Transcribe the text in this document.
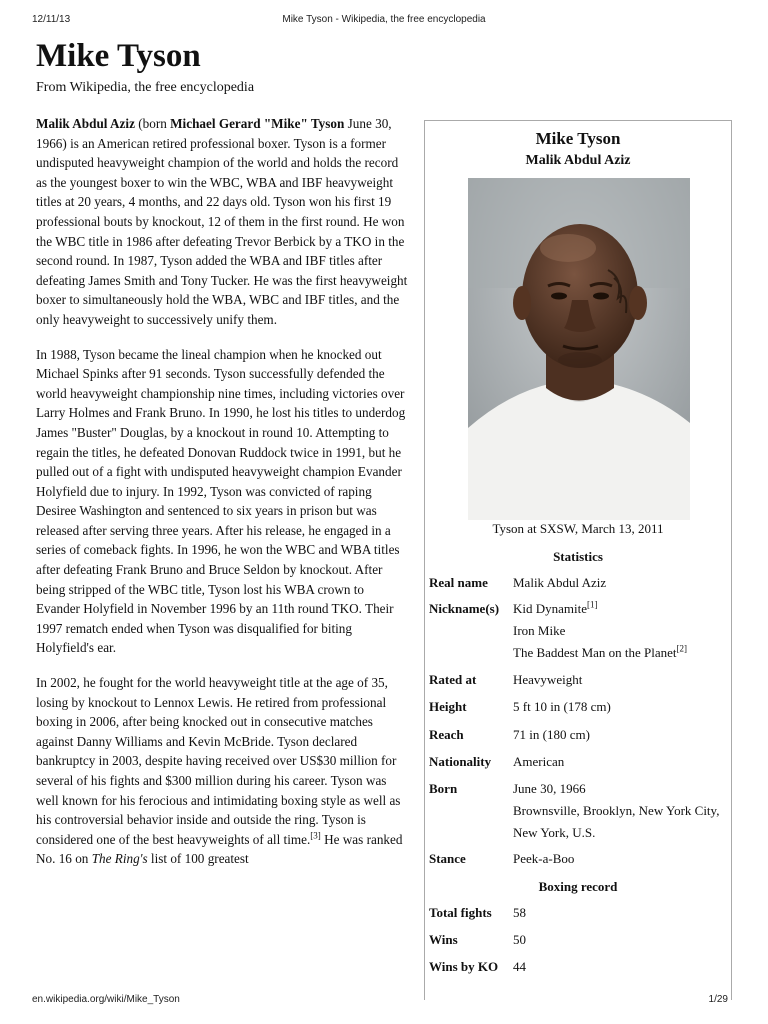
12/11/13	Mike Tyson - Wikipedia, the free encyclopedia
Mike Tyson
From Wikipedia, the free encyclopedia

Malik Abdul Aziz (born Michael Gerard "Mike" Tyson June 30, 1966) is an American retired professional boxer. Tyson is a former undisputed heavyweight champion of the world and holds the record as the youngest boxer to win the WBC, WBA and IBF heavyweight titles at 20 years, 4 months, and 22 days old. Tyson won his first 19 professional bouts by knockout, 12 of them in the first round. He won the WBC title in 1986 after defeating Trevor Berbick by a TKO in the second round. In 1987, Tyson added the WBA and IBF titles after defeating James Smith and Tony Tucker. He was the first heavyweight boxer to simultaneously hold the WBA, WBC and IBF titles, and the only heavyweight to successively unify them.

In 1988, Tyson became the lineal champion when he knocked out Michael Spinks after 91 seconds. Tyson successfully defended the world heavyweight championship nine times, including victories over Larry Holmes and Frank Bruno. In 1990, he lost his titles to underdog James "Buster" Douglas, by a knockout in round 10. Attempting to regain the titles, he defeated Donovan Ruddock twice in 1991, but he pulled out of a fight with undisputed heavyweight champion Evander Holyfield due to injury. In 1992, Tyson was convicted of raping Desiree Washington and sentenced to six years in prison but was released after serving three years. After his release, he engaged in a series of comeback fights. In 1996, he won the WBC and WBA titles after defeating Frank Bruno and Bruce Seldon by knockout. After being stripped of the WBC title, Tyson lost his WBA crown to Evander Holyfield in November 1996 by an 11th round TKO. Their 1997 rematch ended when Tyson was disqualified for biting Holyfield's ear.

In 2002, he fought for the world heavyweight title at the age of 35, losing by knockout to Lennox Lewis. He retired from professional boxing in 2006, after being knocked out in consecutive matches against Danny Williams and Kevin McBride. Tyson declared bankruptcy in 2003, despite having received over US$30 million for several of his fights and $300 million during his career. Tyson was well known for his ferocious and intimidating boxing style as well as his controversial behavior inside and outside the ring. Tyson is considered one of the best heavyweights of all time.[3] He was ranked No. 16 on The Ring's list of 100 greatest

Mike Tyson
Malik Abdul Aziz
Tyson at SXSW, March 13, 2011
Statistics
Real name	Malik Abdul Aziz
Nickname(s)	Kid Dynamite[1]
Iron Mike
The Baddest Man on the Planet[2]
Rated at	Heavyweight
Height	5 ft 10 in (178 cm)
Reach	71 in (180 cm)
Nationality	American
Born	June 30, 1966
Brownsville, Brooklyn, New York City, New York, U.S.
Stance	Peek-a-Boo
Boxing record
Total fights	58
Wins	50
Wins by KO	44
en.wikipedia.org/wiki/Mike_Tyson	1/29
